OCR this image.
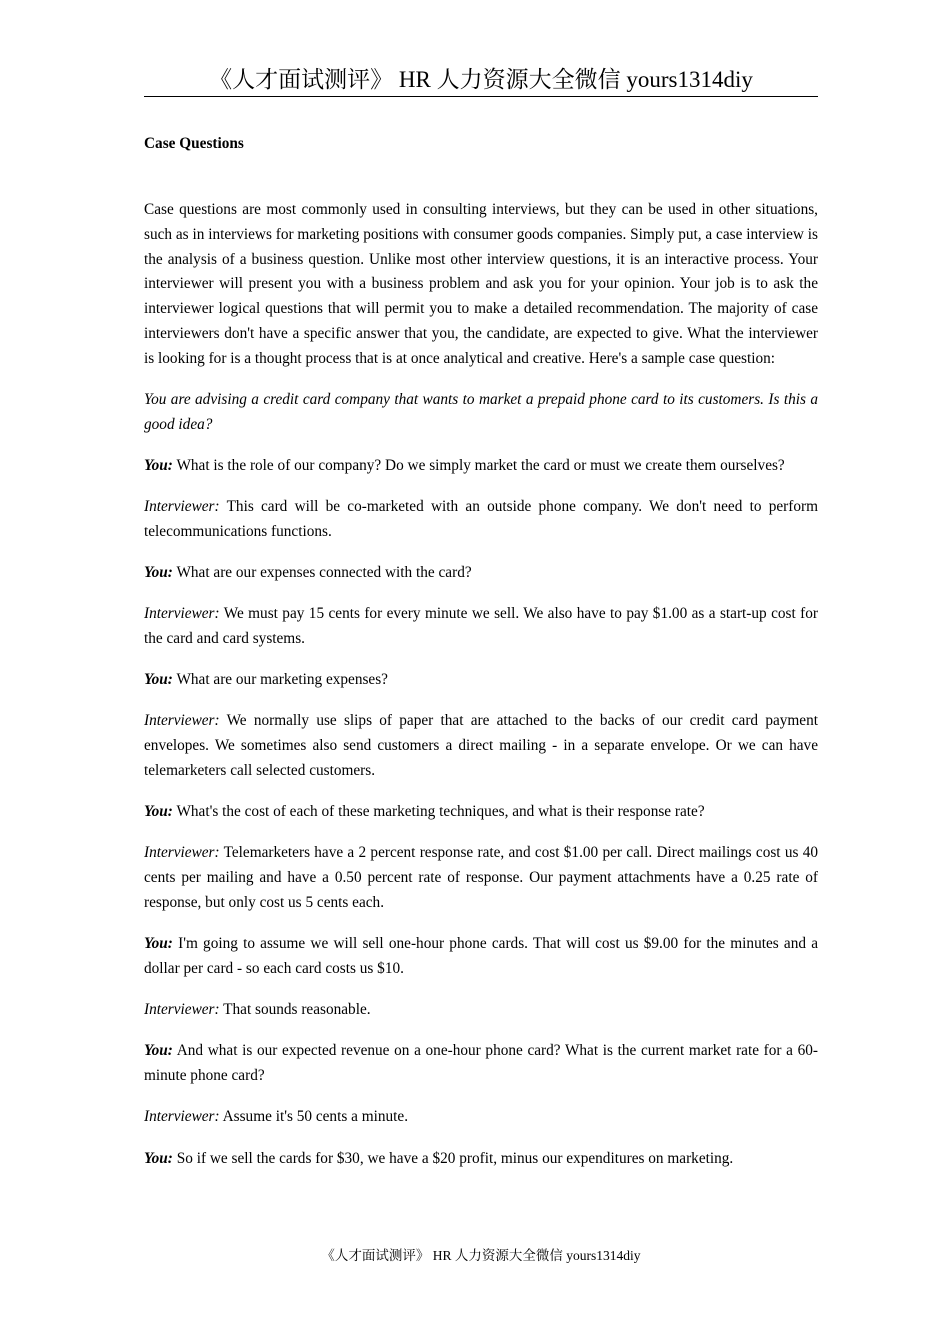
《人才面试测评》 HR 人力资源大全微信 yours1314diy

Case Questions

Case questions are most commonly used in consulting interviews, but they can be used in other situations, such as in interviews for marketing positions with consumer goods companies. Simply put, a case interview is the analysis of a business question. Unlike most other interview questions, it is an interactive process. Your interviewer will present you with a business problem and ask you for your opinion. Your job is to ask the interviewer logical questions that will permit you to make a detailed recommendation. The majority of case interviewers don't have a specific answer that you, the candidate, are expected to give. What the interviewer is looking for is a thought process that is at once analytical and creative. Here's a sample case question:

You are advising a credit card company that wants to market a prepaid phone card to its customers. Is this a good idea?

You: What is the role of our company? Do we simply market the card or must we create them ourselves?

Interviewer: This card will be co-marketed with an outside phone company. We don't need to perform telecommunications functions.

You: What are our expenses connected with the card?

Interviewer: We must pay 15 cents for every minute we sell. We also have to pay $1.00 as a start-up cost for the card and card systems.

You: What are our marketing expenses?

Interviewer: We normally use slips of paper that are attached to the backs of our credit card payment envelopes. We sometimes also send customers a direct mailing - in a separate envelope. Or we can have telemarketers call selected customers.

You: What's the cost of each of these marketing techniques, and what is their response rate?

Interviewer: Telemarketers have a 2 percent response rate, and cost $1.00 per call. Direct mailings cost us 40 cents per mailing and have a 0.50 percent rate of response. Our payment attachments have a 0.25 rate of response, but only cost us 5 cents each.

You: I'm going to assume we will sell one-hour phone cards. That will cost us $9.00 for the minutes and a dollar per card - so each card costs us $10.

Interviewer: That sounds reasonable.

You: And what is our expected revenue on a one-hour phone card? What is the current market rate for a 60-minute phone card?

Interviewer: Assume it's 50 cents a minute.

You: So if we sell the cards for $30, we have a $20 profit, minus our expenditures on marketing.

《人才面试测评》 HR 人力资源大全微信 yours1314diy
